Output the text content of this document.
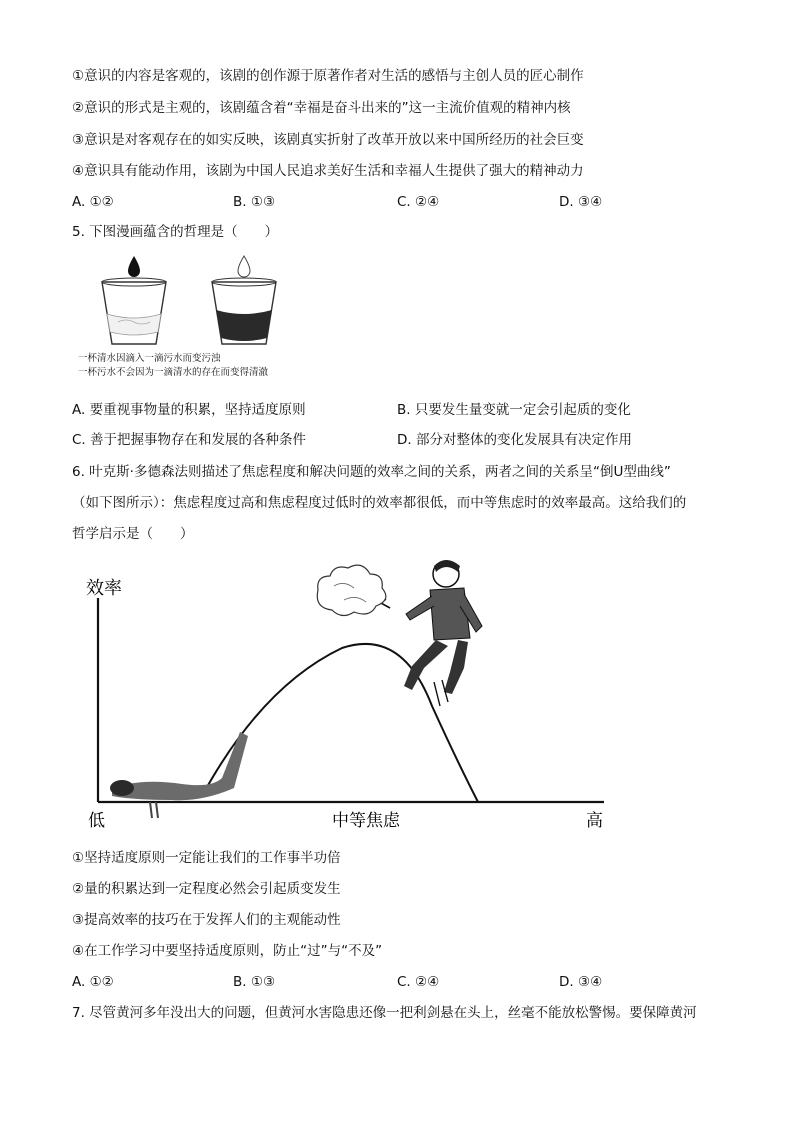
①意识的内容是客观的，该剧的创作源于原著作者对生活的感悟与主创人员的匠心制作
②意识的形式是主观的，该剧蕴含着“幸福是奋斗出来的”这一主流价值观的精神内核
③意识是对客观存在的如实反映，该剧真实折射了改革开放以来中国所经历的社会巨变
④意识具有能动作用，该剧为中国人民追求美好生活和幸福人生提供了强大的精神动力
A. ①②	B. ①③	C. ②④	D. ③④
5. 下图漫画蕴含的哲理是（　　）
一杯清水因滴入一滴污水而变污浊
一杯污水不会因为一滴清水的存在而变得清澈
A. 要重视事物量的积累，坚持适度原则	B. 只要发生量变就一定会引起质的变化
C. 善于把握事物存在和发展的各种条件	D. 部分对整体的变化发展具有决定作用
6. 叶克斯·多德森法则描述了焦虑程度和解决问题的效率之间的关系，两者之间的关系呈“倒U型曲线”
（如下图所示）：焦虑程度过高和焦虑程度过低时的效率都很低，而中等焦虑时的效率最高。这给我们的
哲学启示是（　　）
效率
低	中等焦虑	高
①坚持适度原则一定能让我们的工作事半功倍
②量的积累达到一定程度必然会引起质变发生
③提高效率的技巧在于发挥人们的主观能动性
④在工作学习中要坚持适度原则，防止“过”与“不及”
A. ①②	B. ①③	C. ②④	D. ③④
7. 尽管黄河多年没出大的问题，但黄河水害隐患还像一把利剑悬在头上，丝毫不能放松警惕。要保障黄河
